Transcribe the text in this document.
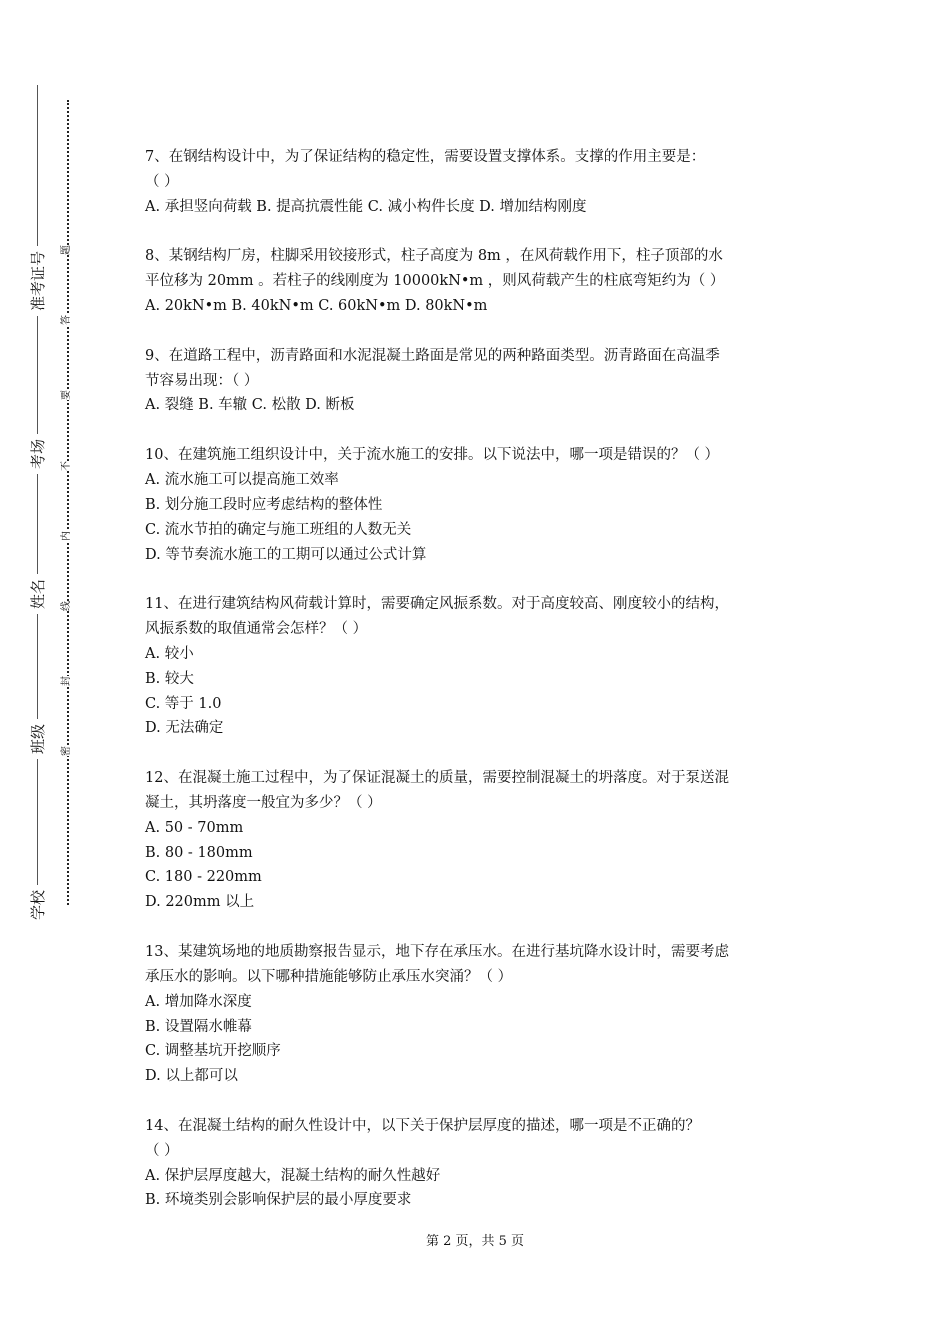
准考证号
考场
姓名
班级
学校
题
答
要
不
内
线
封
密
7、在钢结构设计中，为了保证结构的稳定性，需要设置支撑体系。支撑的作用主要是：
（ ）
A. 承担竖向荷载 B. 提高抗震性能 C. 减小构件长度 D. 增加结构刚度
8、某钢结构厂房，柱脚采用铰接形式，柱子高度为 8m ，在风荷载作用下，柱子顶部的水
平位移为 20mm 。若柱子的线刚度为 10000kN•m ，则风荷载产生的柱底弯矩约为（ ）
A. 20kN•m B. 40kN•m C. 60kN•m D. 80kN•m
9、在道路工程中，沥青路面和水泥混凝土路面是常见的两种路面类型。沥青路面在高温季
节容易出现：（ ）
A. 裂缝 B. 车辙 C. 松散 D. 断板
10、在建筑施工组织设计中，关于流水施工的安排。以下说法中，哪一项是错误的？（ ）
A. 流水施工可以提高施工效率
B. 划分施工段时应考虑结构的整体性
C. 流水节拍的确定与施工班组的人数无关
D. 等节奏流水施工的工期可以通过公式计算
11、在进行建筑结构风荷载计算时，需要确定风振系数。对于高度较高、刚度较小的结构，
风振系数的取值通常会怎样？（ ）
A. 较小
B. 较大
C. 等于 1.0
D. 无法确定
12、在混凝土施工过程中，为了保证混凝土的质量，需要控制混凝土的坍落度。对于泵送混
凝土，其坍落度一般宜为多少？（ ）
A. 50 - 70mm
B. 80 - 180mm
C. 180 - 220mm
D. 220mm 以上
13、某建筑场地的地质勘察报告显示，地下存在承压水。在进行基坑降水设计时，需要考虑
承压水的影响。以下哪种措施能够防止承压水突涌？（ ）
A. 增加降水深度
B. 设置隔水帷幕
C. 调整基坑开挖顺序
D. 以上都可以
14、在混凝土结构的耐久性设计中，以下关于保护层厚度的描述，哪一项是不正确的？
（ ）
A. 保护层厚度越大，混凝土结构的耐久性越好
B. 环境类别会影响保护层的最小厚度要求
第 2 页，共 5 页
